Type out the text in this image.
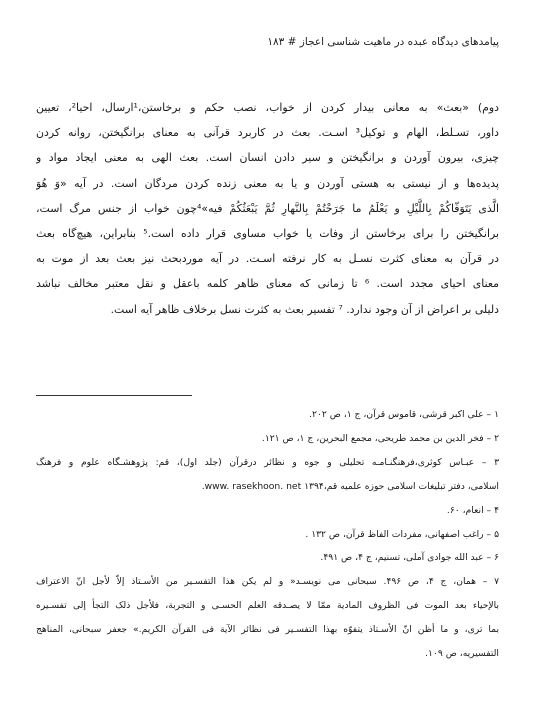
پیامدهای دیدگاه عبده در ماهیت شناسی اعجاز # ۱۸۳

دوم) «بعث» به معانی بیدار کردن از خواب، نصب حکم و برخاستن،¹ارسال، احیا²، تعیین
داور، تسـلط، الهام و توکیل³ اسـت. بعث در کاربرد قرآنی به معنای برانگیختن، روانه کردن
چیزی، بیرون آوردن و برانگیختن و سیر دادن انسان است. بعث الهی به معنی ایجاد مواد و
پدیده‌ها و از نیستی به هستی آوردن و یا به معنی زنده کردن مردگان است. در آیه «وَ هُوَ
الَّذی یَتَوَفّاکُمْ بِاللَّیْلِ و یَعْلَمُ ما جَرَحْتُمْ بِالنَّهارِ ثُمَّ یَبْعَثُکُمْ فیه»⁴چون خواب از جنس مرگ است،
برانگیختن را برای برخاستن از وفات یا خواب مساوی قرار داده است.⁵ بنابراین، هیچ‌گاه بعث
در قرآن به معنای کثرت نسـل به کار نرفته اسـت. در آیه موردبحث نیز بعث بعد از موت به
معنای احیای مجدد است. ⁶ تا زمانی که معنای ظاهر کلمه باعقل و نقل معتبر مخالف نباشد
دلیلی بر اعراض از آن وجود ندارد. ⁷ تفسیر بعث به کثرت نسل برخلاف ظاهر آیه است.

۱ – علی اکبر قرشی، قاموس قرآن، ج ۱، ص ۲۰۲.
۲ – فخر الدین بن محمد طریحی، مجمع البحرین، ج ۱، ص ۱۲۱.
۳ – عبـاس کوثری،فرهنگنـامـه تحلیلی و جوه و نظائر درقرآن (جلد اول)، قم: پژوهشـگاه علوم و فرهنگ
اسلامی، دفتر تبلیغات اسلامی حوزه علمیه قم،۱۳۹۴ www. rasekhoon. net.
۴ – انعام، ۶۰.
۵ – راغب اصفهانی، مفردات الفاظ قرآن، ص ۱۳۲ .
۶ – عبد الله جوادی آملی، تسنیم، ج ۴، ص ۴۹۱.
۷ – همان، ج ۴، ص ۴۹۶. سبحانی می نویسـد« و لم یکن هذا التفسـیر من الأسـتاذ إلاّ لأجل انّ الاعتراف
بالإحیاء بعد الموت فی الظروف المادیة ممّا لا یصـدقه العلم الحسـی و التجربة، فلأجل ذلک التجأ إلی تفسـیره
بما تری، و ما أظن انّ الأسـتاذ یتفوّه بهذا التفسـیر فی نظائر الآیة فی القرآن الکریم.» جعفر سبحانی، المناهج
التفسیریه، ص ۱۰۹.
